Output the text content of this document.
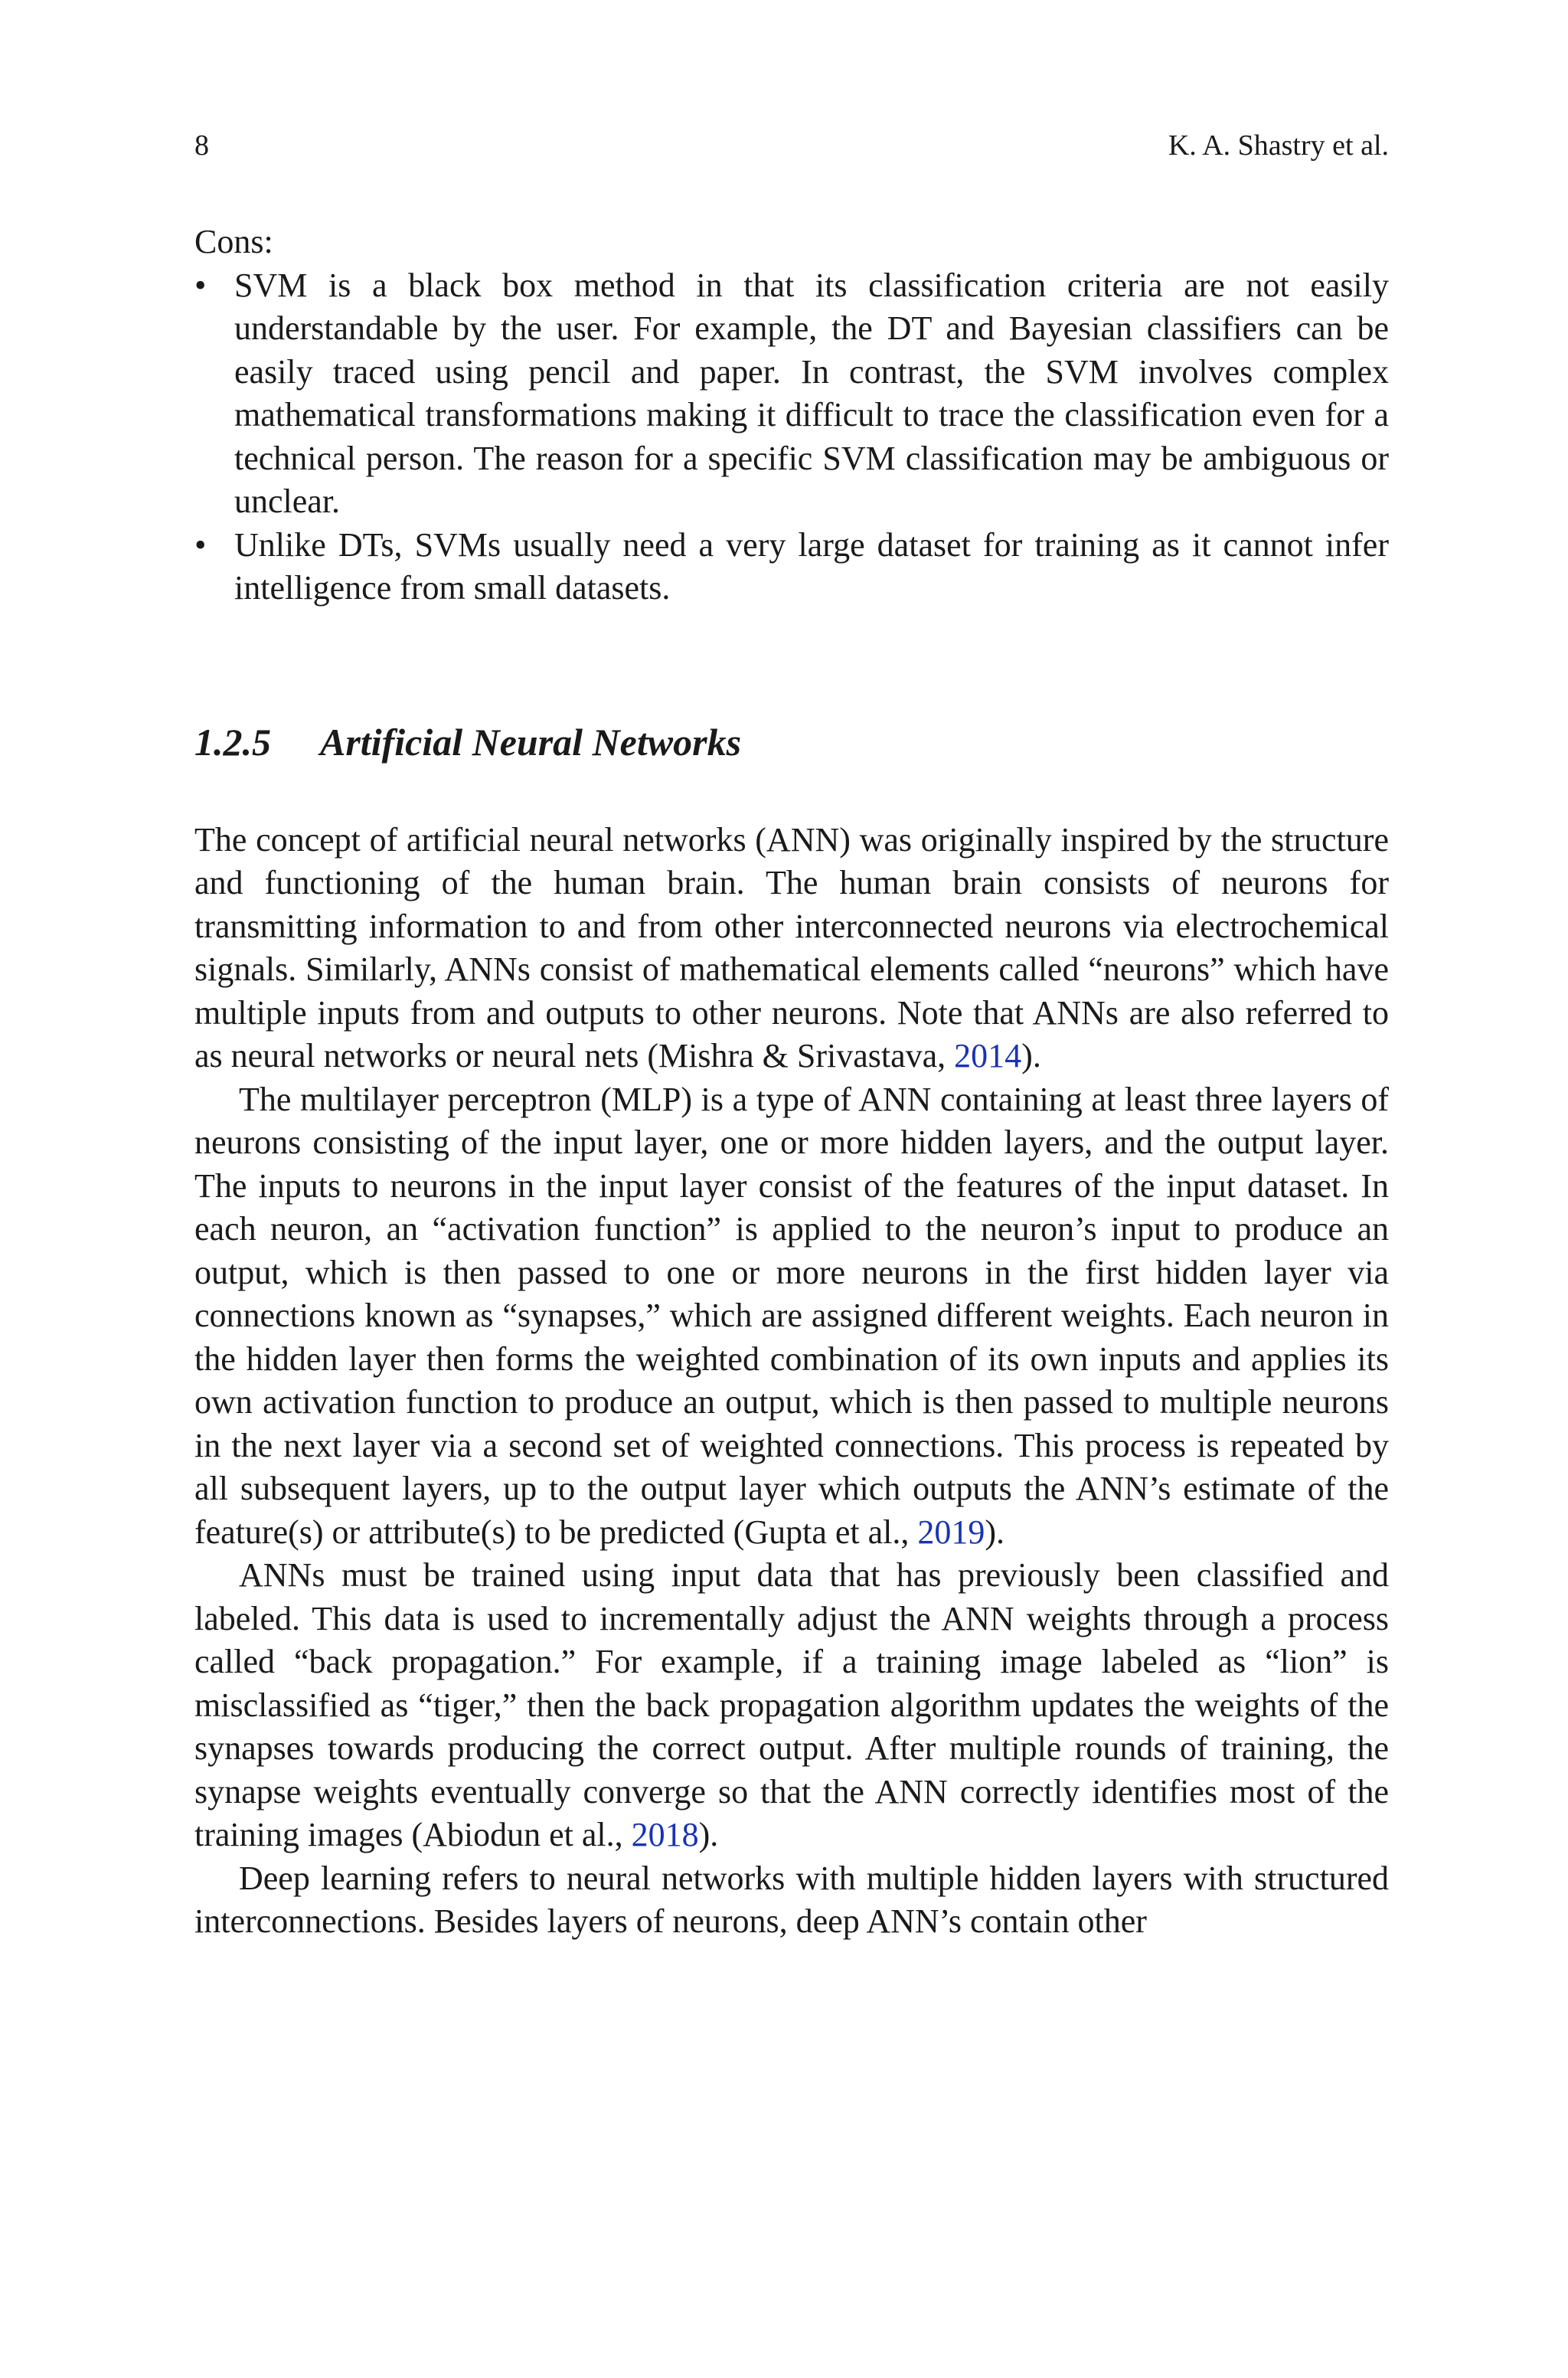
8	K. A. Shastry et al.
Cons:
• SVM is a black box method in that its classification criteria are not easily understandable by the user. For example, the DT and Bayesian classifiers can be easily traced using pencil and paper. In contrast, the SVM involves complex mathematical transformations making it difficult to trace the classification even for a technical person. The reason for a specific SVM classification may be ambiguous or unclear.
• Unlike DTs, SVMs usually need a very large dataset for training as it cannot infer intelligence from small datasets.
1.2.5 Artificial Neural Networks

The concept of artificial neural networks (ANN) was originally inspired by the structure and functioning of the human brain. The human brain consists of neurons for transmitting information to and from other interconnected neurons via electrochemical signals. Similarly, ANNs consist of mathematical elements called “neurons” which have multiple inputs from and outputs to other neurons. Note that ANNs are also referred to as neural networks or neural nets (Mishra & Srivastava, 2014).

The multilayer perceptron (MLP) is a type of ANN containing at least three layers of neurons consisting of the input layer, one or more hidden layers, and the output layer. The inputs to neurons in the input layer consist of the features of the input dataset. In each neuron, an “activation function” is applied to the neuron’s input to produce an output, which is then passed to one or more neurons in the first hidden layer via connections known as “synapses,” which are assigned different weights. Each neuron in the hidden layer then forms the weighted combination of its own inputs and applies its own activation function to produce an output, which is then passed to multiple neurons in the next layer via a second set of weighted connections. This process is repeated by all subsequent layers, up to the output layer which outputs the ANN’s estimate of the feature(s) or attribute(s) to be predicted (Gupta et al., 2019).

ANNs must be trained using input data that has previously been classified and labeled. This data is used to incrementally adjust the ANN weights through a process called “back propagation.” For example, if a training image labeled as “lion” is misclassified as “tiger,” then the back propagation algorithm updates the weights of the synapses towards producing the correct output. After multiple rounds of training, the synapse weights eventually converge so that the ANN correctly identifies most of the training images (Abiodun et al., 2018).

Deep learning refers to neural networks with multiple hidden layers with structured interconnections. Besides layers of neurons, deep ANN’s contain other
